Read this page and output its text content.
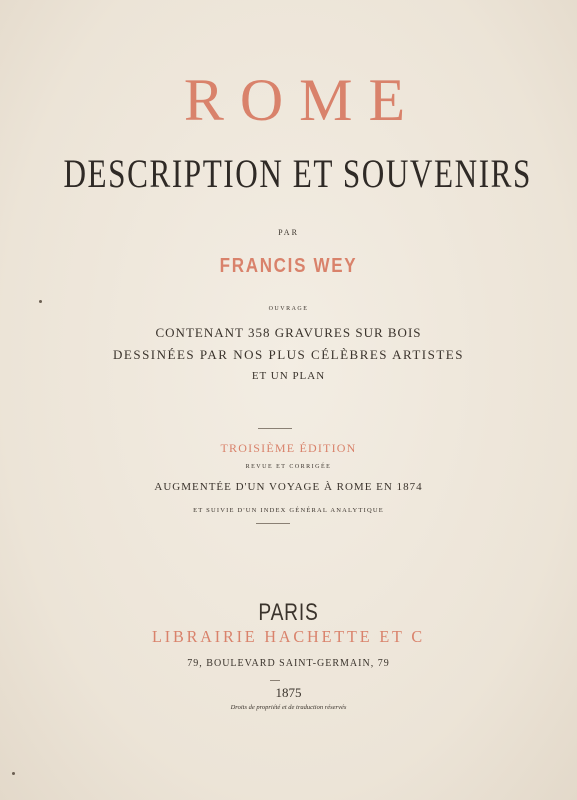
ROME
DESCRIPTION ET SOUVENIRS
PAR
FRANCIS WEY
OUVRAGE
CONTENANT 358 GRAVURES SUR BOIS
DESSINÉES PAR NOS PLUS CÉLÈBRES ARTISTES
ET UN PLAN
TROISIÈME ÉDITION
REVUE ET CORRIGÉE
AUGMENTÉE D'UN VOYAGE À ROME EN 1874
ET SUIVIE D'UN INDEX GÉNÉRAL ANALYTIQUE
PARIS
LIBRAIRIE HACHETTE ET C
79, BOULEVARD SAINT-GERMAIN, 79
1875
Droits de propriété et de traduction réservés
